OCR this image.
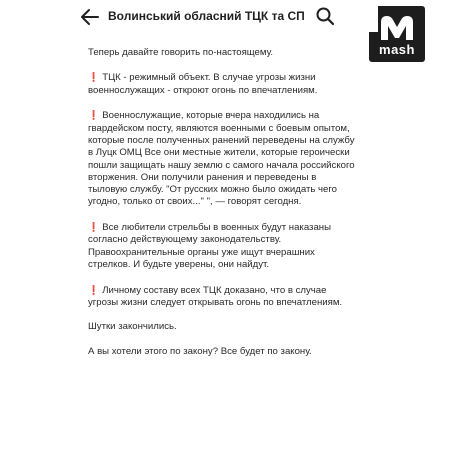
Теперь давайте говорить по-настоящему.

❗ ТЦК - режимный объект. В случае угрозы жизни военнослужащих - откроют огонь по впечатлениям.

❗ Военнослужащие, которые вчера находились на гвардейском посту, являются военными с боевым опытом, которые после полученных ранений переведены на службу в Луцк ОМЦ Все они местные жители, которые героически пошли защищать нашу землю с самого начала российского вторжения. Они получили ранения и переведены в тыловую службу. "От русских можно было ожидать чего угодно, только от своих..." ", — говорят сегодня.

❗ Все любители стрельбы в военных будут наказаны согласно действующему законодательству. Правоохранительные органы уже ищут вчерашних стрелков. И будьте уверены, они найдут.

❗ Личному составу всех ТЦК доказано, что в случае угрозы жизни следует открывать огонь по впечатлениям.

Шутки закончились.

А вы хотели этого по закону? Все будет по закону.

Волинський обласний ТЦК та СП
mash
